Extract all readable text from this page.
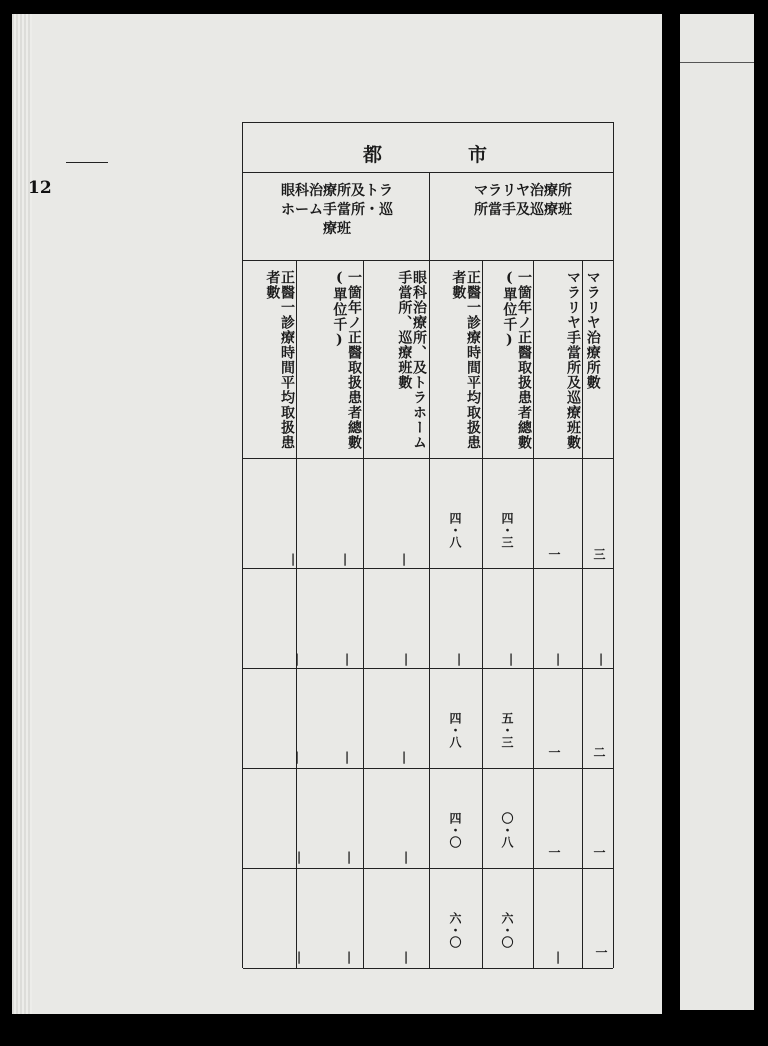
12
都　　　　市
マラリヤ治療所
所當手及巡療班
眼科治療所及トラ
ホーム手當所・巡
療班
マラリヤ治療所數
マラリヤ手當所及巡療班數
一箇年ノ正醫取扱患者總數(單位千)
正醫一診療時間平均取扱患者數
眼科治療所、及トラホーム手當所、巡療班數
一箇年ノ正醫取扱患者總數(單位千)
正醫一診療時間平均取扱患者數
三
一
四・三
四・八
|
|
|
|
|
|
|
|
|
|
二
一
五・三
四・八
|
|
|
一
一
〇・八
四・〇
|
|
|
一
|
六・〇
六・〇
|
|
|
